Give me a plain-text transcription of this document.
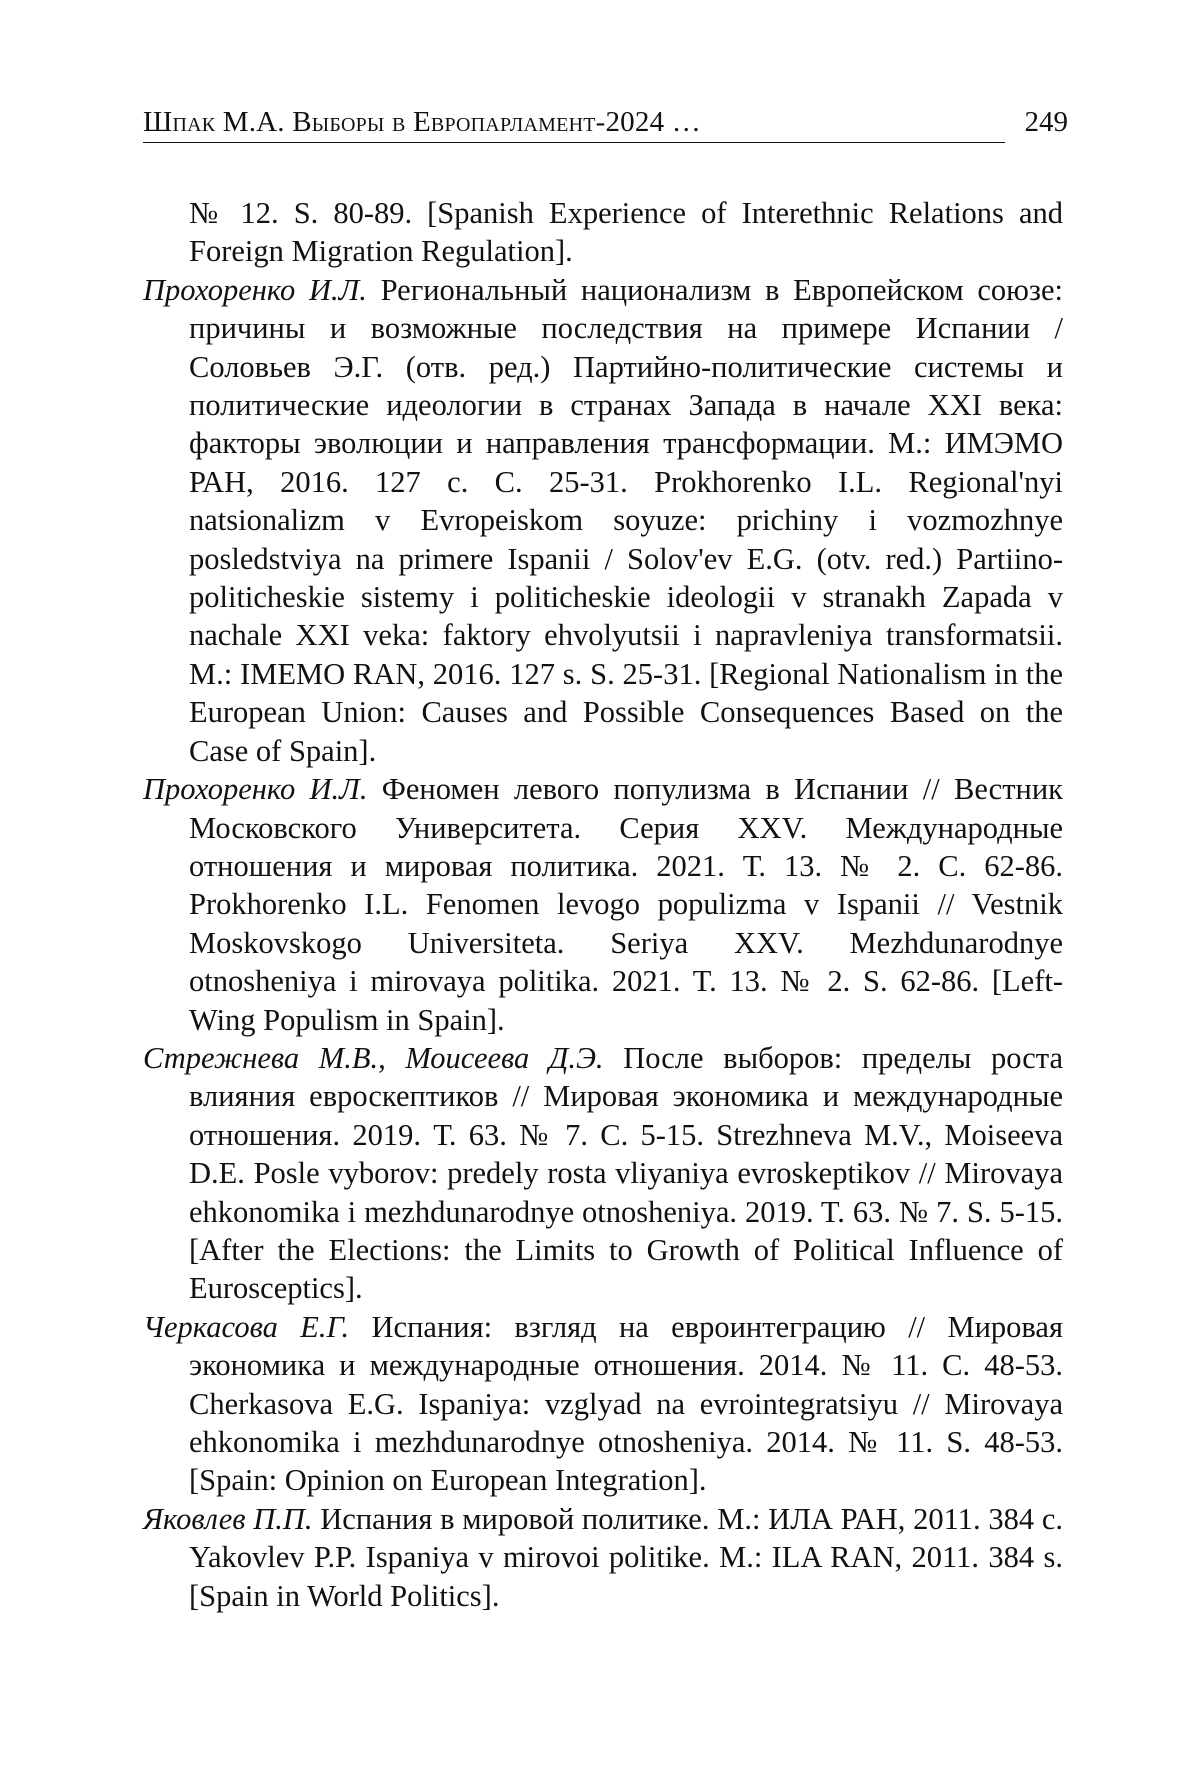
Шпак М.А. Выборы в Европарламент-2024 …	249

№ 12. S. 80-89. [Spanish Experience of Interethnic Relations and Foreign Migration Regulation].

Прохоренко И.Л. Региональный национализм в Европейском союзе: причины и возможные последствия на примере Испании / Соловьев Э.Г. (отв. ред.) Партийно-политические системы и политические идеологии в странах Запада в начале XXI века: факторы эволюции и направления трансформации. М.: ИМЭМО РАН, 2016. 127 с. С. 25-31. Prokhorenko I.L. Regional'nyi natsionalizm v Evropeiskom soyuze: prichiny i vozmozhnye posledstviya na primere Ispanii / Solov'ev E.G. (otv. red.) Partiino-politicheskie sistemy i politicheskie ideologii v stranakh Zapada v nachale XXI veka: faktory ehvolyutsii i napravleniya transformatsii. M.: IMEMO RAN, 2016. 127 s. S. 25-31. [Regional Nationalism in the European Union: Causes and Possible Consequences Based on the Case of Spain].

Прохоренко И.Л. Феномен левого популизма в Испании // Вестник Московского Университета. Серия XXV. Международные отношения и мировая политика. 2021. Т. 13. № 2. С. 62-86. Prokhorenko I.L. Fenomen levogo populizma v Ispanii // Vestnik Moskovskogo Universiteta. Seriya XXV. Mezhdunarodnye otnosheniya i mirovaya politika. 2021. T. 13. № 2. S. 62-86. [Left-Wing Populism in Spain].

Стрежнева М.В., Моисеева Д.Э. После выборов: пределы роста влияния евроскептиков // Мировая экономика и международные отношения. 2019. Т. 63. № 7. С. 5-15. Strezhneva M.V., Moiseeva D.E. Posle vyborov: predely rosta vliyaniya evroskeptikov // Mirovaya ehkonomika i mezhdunarodnye otnosheniya. 2019. T. 63. № 7. S. 5-15. [After the Elections: the Limits to Growth of Political Influence of Eurosceptics].

Черкасова Е.Г. Испания: взгляд на евроинтеграцию // Мировая экономика и международные отношения. 2014. № 11. С. 48-53. Cherkasova E.G. Ispaniya: vzglyad na evrointegratsiyu // Mirovaya ehkonomika i mezhdunarodnye otnosheniya. 2014. № 11. S. 48-53. [Spain: Opinion on European Integration].

Яковлев П.П. Испания в мировой политике. М.: ИЛА РАН, 2011. 384 с. Yakovlev P.P. Ispaniya v mirovoi politike. M.: ILA RAN, 2011. 384 s. [Spain in World Politics].
